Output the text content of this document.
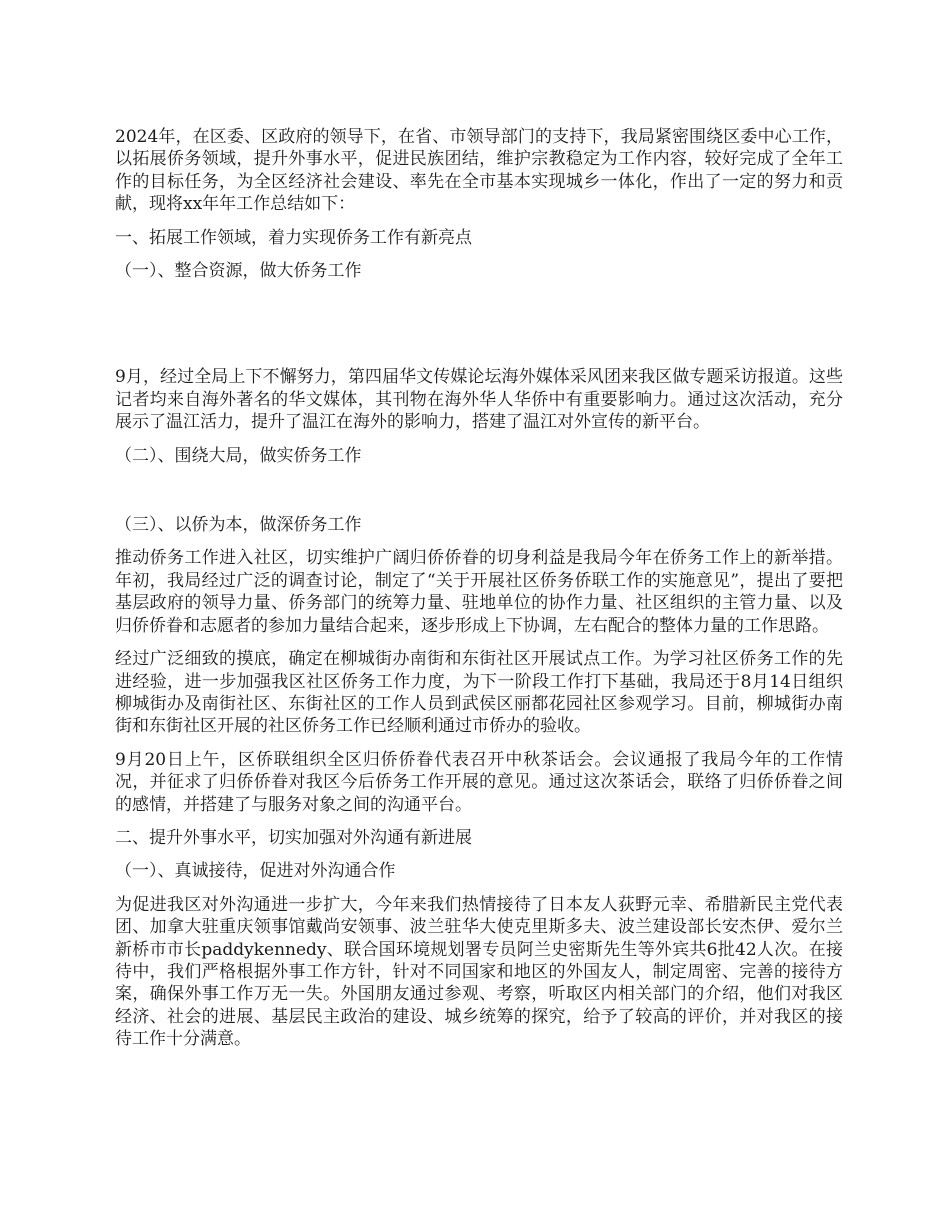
2024年，在区委、区政府的领导下，在省、市领导部门的支持下，我局紧密围绕区委中心工作，以拓展侨务领域，提升外事水平，促进民族团结，维护宗教稳定为工作内容，较好完成了全年工作的目标任务，为全区经济社会建设、率先在全市基本实现城乡一体化，作出了一定的努力和贡献，现将xx年年工作总结如下：

一、拓展工作领域，着力实现侨务工作有新亮点

（一）、整合资源，做大侨务工作

9月，经过全局上下不懈努力，第四届华文传媒论坛海外媒体采风团来我区做专题采访报道。这些记者均来自海外著名的华文媒体，其刊物在海外华人华侨中有重要影响力。通过这次活动，充分展示了温江活力，提升了温江在海外的影响力，搭建了温江对外宣传的新平台。

（二）、围绕大局，做实侨务工作

（三）、以侨为本，做深侨务工作

推动侨务工作进入社区，切实维护广阔归侨侨眷的切身利益是我局今年在侨务工作上的新举措。年初，我局经过广泛的调查讨论，制定了“关于开展社区侨务侨联工作的实施意见”，提出了要把基层政府的领导力量、侨务部门的统筹力量、驻地单位的协作力量、社区组织的主管力量、以及归侨侨眷和志愿者的参加力量结合起来，逐步形成上下协调，左右配合的整体力量的工作思路。

经过广泛细致的摸底，确定在柳城街办南街和东街社区开展试点工作。为学习社区侨务工作的先进经验，进一步加强我区社区侨务工作力度，为下一阶段工作打下基础，我局还于8月14日组织柳城街办及南街社区、东街社区的工作人员到武侯区丽都花园社区参观学习。目前，柳城街办南街和东街社区开展的社区侨务工作已经顺利通过市侨办的验收。

9月20日上午，区侨联组织全区归侨侨眷代表召开中秋茶话会。会议通报了我局今年的工作情况，并征求了归侨侨眷对我区今后侨务工作开展的意见。通过这次茶话会，联络了归侨侨眷之间的感情，并搭建了与服务对象之间的沟通平台。

二、提升外事水平，切实加强对外沟通有新进展

（一）、真诚接待，促进对外沟通合作

为促进我区对外沟通进一步扩大，今年来我们热情接待了日本友人荻野元幸、希腊新民主党代表团、加拿大驻重庆领事馆戴尚安领事、波兰驻华大使克里斯多夫、波兰建设部长安杰伊、爱尔兰新桥市市长paddykennedy、联合国环境规划署专员阿兰史密斯先生等外宾共6批42人次。在接待中，我们严格根据外事工作方针，针对不同国家和地区的外国友人，制定周密、完善的接待方案，确保外事工作万无一失。外国朋友通过参观、考察，听取区内相关部门的介绍，他们对我区经济、社会的进展、基层民主政治的建设、城乡统筹的探究，给予了较高的评价，并对我区的接待工作十分满意。
